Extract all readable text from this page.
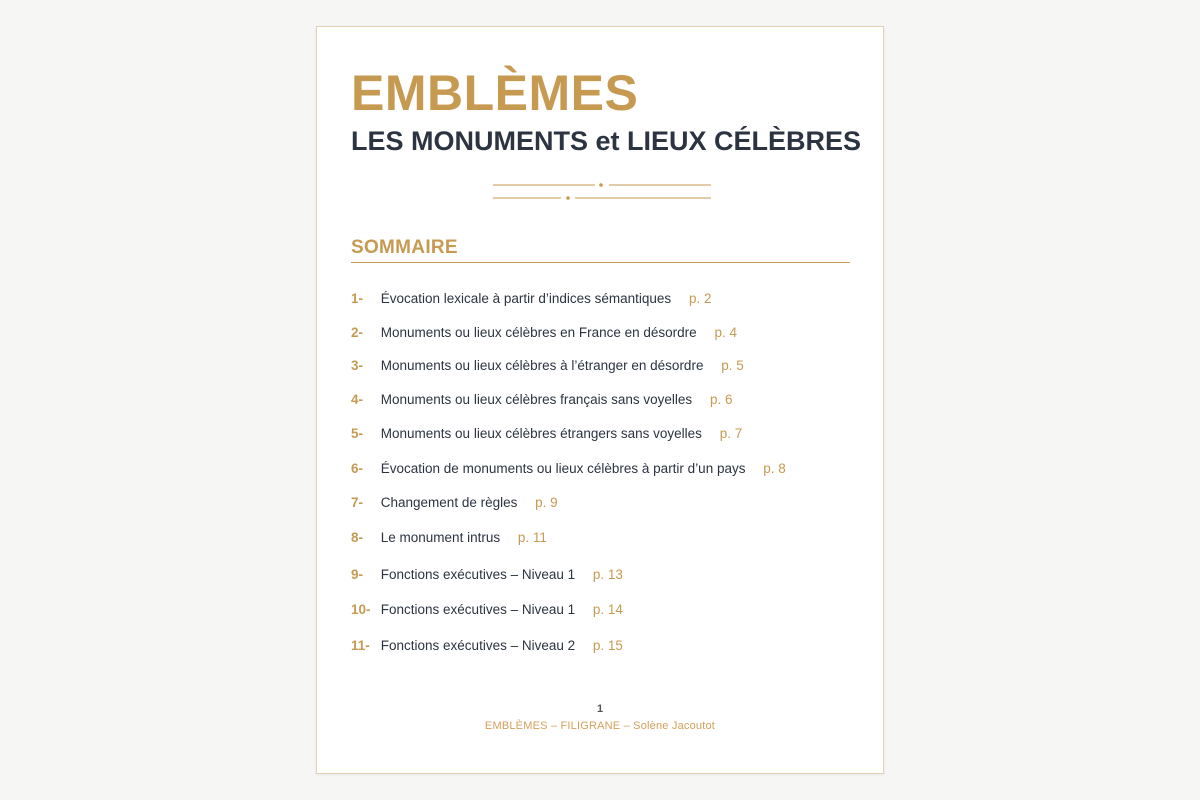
EMBLÈMES
LES MONUMENTS et LIEUX CÉLÈBRES
SOMMAIRE
1- Évocation lexicale à partir d’indices sémantiques p. 2
2- Monuments ou lieux célèbres en France en désordre p. 4
3- Monuments ou lieux célèbres à l’étranger en désordre p. 5
4- Monuments ou lieux célèbres français sans voyelles p. 6
5- Monuments ou lieux célèbres étrangers sans voyelles p. 7
6- Évocation de monuments ou lieux célèbres à partir d’un pays p. 8
7- Changement de règles p. 9
8- Le monument intrus p. 11
9- Fonctions exécutives – Niveau 1 p. 13
10- Fonctions exécutives – Niveau 1 p. 14
11- Fonctions exécutives – Niveau 2 p. 15
1
EMBLÈMES – FILIGRANE – Solène Jacoutot
